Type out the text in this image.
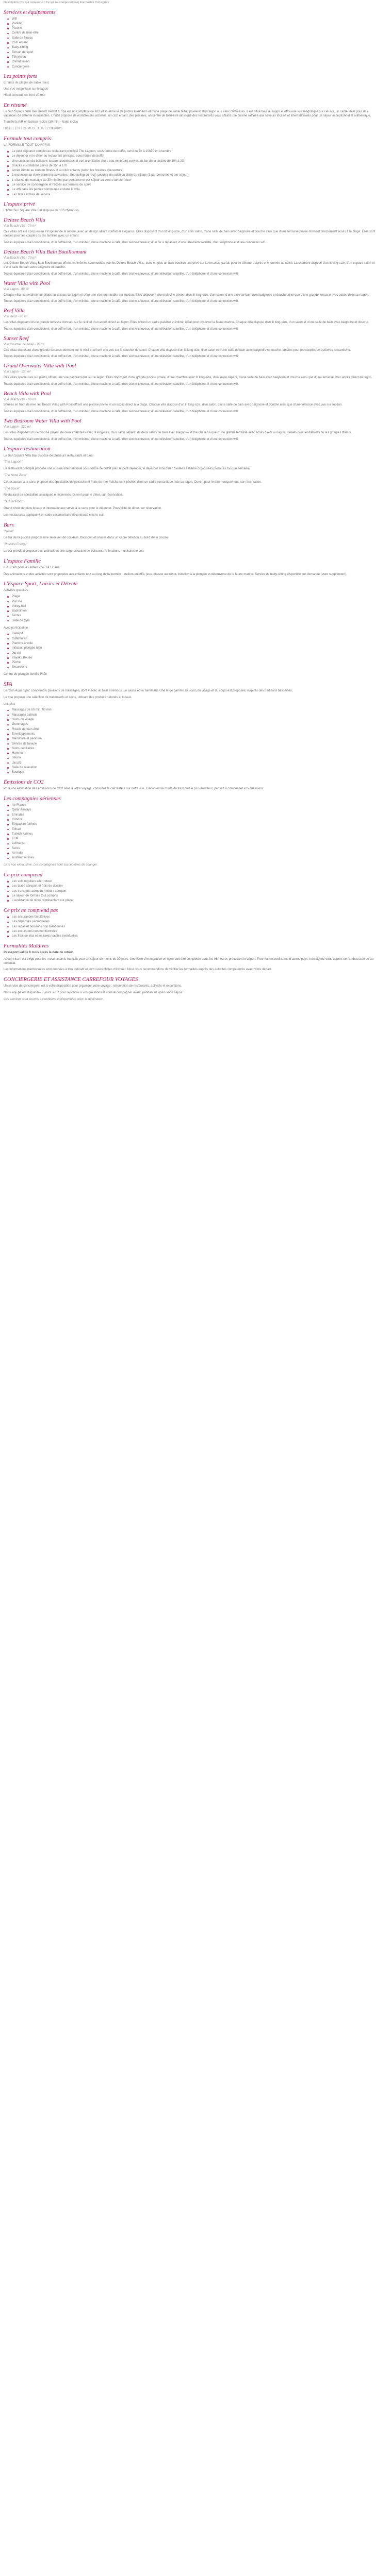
Description (Ce qui comprend / Ce qui ne comprend pas) Formalités Consignes

Services et équipements
Wifi
Parking
Piscine
Centre de bien-être
Salle de fitness
Club enfant
Baby-sitting
Terrain de sport
Télévision
Climatisation
Conciergerie
Les points forts

Enfants de plages de sable blanc

Une vue magnifique sur le lagon

Hôtel construit en front-de-mer

En résumé

Le Sun Square Villa Bali Resort Resort & Spa est un complexe de 103 villas entouré de jardins luxuriants et d'une plage de sable blanc privée et d'un lagon aux eaux cristallines. Il est situé face au lagon et offre une vue magnifique sur celui-ci, un cadre idéal pour des vacances de détente inoubliables. L'hôtel propose de nombreuses activités, un club enfant, des piscines, un centre de bien-être ainsi que des restaurants vous offrant une cuisine raffinée aux saveurs locales et internationales pour un séjour exceptionnel et authentique.

Transferts A/R en bateau rapide (30 min) - trajet inclus

HÔTEL EN FORMULE TOUT COMPRIS

Formule tout compris

LA FORMULE TOUT COMPRIS

Le petit déjeuner complet au restaurant principal The Lagoon, sous forme de buffet, servi de 7h à 10h30 en chambre
Le déjeuner et le dîner au restaurant principal, sous forme de buffet
Une sélection de boissons locales alcoolisées et non alcoolisées (hors eau minérale) servies au bar de la piscine de 10h à 23h
Snacks et collations servis de 15h à 17h
Accès illimité au club de fitness et au club enfants (selon les horaires d'ouverture)
1 excursion au choix parmi les suivantes : Snorkeling au récif, coucher de soleil ou visite du village (1 par personne et par séjour)
1 séance de massage de 30 minutes par personne et par séjour au centre de bien-être
Le service de conciergerie et l'accès aux terrains de sport
Le wifi dans les parties communes et dans la villa
Les taxes et frais de service
L'espace privé

L'hôtel Sun Square Villa Bali dispose de 103 chambres.

Deluxe Beach Villa

Vue Beach Villa - 70 m²

Ces villas ont été conçues en s'inspirant de la nature, avec un design alliant confort et élégance. Elles disposent d'un lit king-size, d'un coin salon, d'une salle de bain avec baignoire et douche ainsi que d'une terrasse privée donnant directement accès à la plage. Elles sont idéales pour les couples ou les familles avec un enfant.

Toutes équipées d'air conditionné, d'un coffre-fort, d'un minibar, d'une machine à café, d'un sèche-cheveux, d'un fer à repasser, d'une télévision satellite, d'un téléphone et d'une connexion wifi.

Deluxe Beach Villa Bain Bouillonnant

Vue Beach Villa - 70 m²

Les Deluxe Beach Villas Bain Bouillonnant offrent les mêmes commodités que les Deluxe Beach Villas, avec en plus un bain bouillonnant privé sur la terrasse, parfait pour se détendre après une journée au soleil. La chambre dispose d'un lit king-size, d'un espace salon et d'une salle de bain avec baignoire et douche.

Toutes équipées d'air conditionné, d'un coffre-fort, d'un minibar, d'une machine à café, d'un sèche-cheveux, d'une télévision satellite, d'un téléphone et d'une connexion wifi.

Water Villa with Pool

Vue Lagon - 90 m²

Chaque villa est perchée sur pilotis au-dessus du lagon et offre une vue imprenable sur l'océan. Elles disposent d'une piscine privée, d'un lit king-size, d'un salon, d'une salle de bain avec baignoire et douche ainsi que d'une grande terrasse avec accès direct au lagon.

Toutes équipées d'air conditionné, d'un coffre-fort, d'un minibar, d'une machine à café, d'un sèche-cheveux, d'une télévision satellite, d'un téléphone et d'une connexion wifi.

Reef Villa

Vue Récif - 70 m²

Les villas disposent d'une grande terrasse donnant sur le récif et d'un accès direct au lagon. Elles offrent un cadre paisible et intime, idéal pour observer la faune marine. Chaque villa dispose d'un lit king-size, d'un salon et d'une salle de bain avec baignoire et douche.

Toutes équipées d'air conditionné, d'un coffre-fort, d'un minibar, d'une machine à café, d'un sèche-cheveux, d'une télévision satellite, d'un téléphone et d'une connexion wifi.

Sunset Reef

Vue Coucher de soleil - 75 m²

Ces villas disposent d'une grande terrasse donnant sur le récif et offrent une vue sur le coucher de soleil. Chaque villa dispose d'un lit king-size, d'un salon et d'une salle de bain avec baignoire et douche. Idéales pour les couples en quête de romantisme.

Toutes équipées d'air conditionné, d'un coffre-fort, d'un minibar, d'une machine à café, d'un sèche-cheveux, d'une télévision satellite, d'un téléphone et d'une connexion wifi.

Grand Overwater Villa with Pool

Vue Lagon - 130 m²

Ces villas spacieuses sur pilotis offrent une vue panoramique sur le lagon. Elles disposent d'une grande piscine privée, d'une chambre avec lit king-size, d'un salon séparé, d'une salle de bain avec baignoire et douche ainsi que d'une terrasse avec accès direct au lagon.

Toutes équipées d'air conditionné, d'un coffre-fort, d'un minibar, d'une machine à café, d'un sèche-cheveux, d'une télévision satellite, d'un téléphone et d'une connexion wifi.

Beach Villa with Pool

Vue Beach Villa - 90 m²

Situées en front de mer, les Beach Villas with Pool offrent une piscine privée et un accès direct à la plage. Chaque villa dispose d'un lit king-size, d'un salon, d'une salle de bain avec baignoire et douche ainsi que d'une terrasse avec vue sur l'océan.

Toutes équipées d'air conditionné, d'un coffre-fort, d'un minibar, d'une machine à café, d'un sèche-cheveux, d'une télévision satellite, d'un téléphone et d'une connexion wifi.

Two Bedroom Water Villa with Pool

Vue Lagon - 220 m²

Les villas disposent d'une piscine privée, de deux chambres avec lit king-size, d'un salon séparé, de deux salles de bain avec baignoire et douche ainsi que d'une grande terrasse avec accès direct au lagon. Idéales pour les familles ou les groupes d'amis.

Toutes équipées d'air conditionné, d'un coffre-fort, d'un minibar, d'une machine à café, d'un sèche-cheveux, d'une télévision satellite, d'un téléphone et d'une connexion wifi.

L'espace restauration

Le Sun Square Villa Bali dispose de plusieurs restaurants et bars.

"The Lagoon"

Le restaurant principal propose une cuisine internationale sous forme de buffet pour le petit déjeuner, le déjeuner et le dîner. Soirées à thème organisées plusieurs fois par semaine.

"The Hotel Zone"

Ce restaurant à la carte propose des spécialités de poissons et fruits de mer fraîchement pêchés dans un cadre romantique face au lagon. Ouvert pour le dîner uniquement, sur réservation.

"The Spice"

Restaurant de spécialités asiatiques et indiennes. Ouvert pour le dîner, sur réservation.

"Sunset Point"

Grand choix de plats locaux et internationaux servis à la carte pour le déjeuner. Possibilité de dîner, sur réservation.

Les restaurants appliquent un code vestimentaire décontracté chic le soir.

Bars

"Naadi"

Le bar de la piscine propose une sélection de cocktails, boissons et snacks dans un cadre détendu au bord de la piscine.

"Positive Energy"

Le bar principal propose des cocktails et une large sélection de boissons. Animations musicales le soir.

L'espace Famille

Kids Club pour les enfants de 3 à 12 ans.

Des animations et des activités sont proposées aux enfants tout au long de la journée : ateliers créatifs, jeux, chasse au trésor, initiation à la plongée et découverte de la faune marine. Service de baby-sitting disponible sur demande (avec supplément).

L'Espace Sport, Loisirs et Détente

Activités gratuites :

Plage
Piscine
Volley-ball
Badminton
Tennis
Salle de gym

Avec participation :

Catalyst
Catamaran
Planche à voile
Initiation plongée bleu
Jet ski
Kayak / Bouée
Pêche
Excursions

Centre de plongée certifié PADI

SPA

Le "Sun Aqua Spa" comprend 6 pavillons de massages, dont 4 avec un bain à remous, un sauna et un hammam. Une large gamme de soins du visage et du corps est proposée, inspirés des traditions balinaises.

Le spa propose une sélection de traitements et soins, utilisant des produits naturels et locaux.

Les plus

Massages de 60 min, 90 min
Massages balinais
Soins du visage
Gommages
Rituels de bien-être
Enveloppements
Manucure et pédicure
Service de beauté
Soins capillaires
Hammam
Sauna
Jacuzzi
Salle de relaxation
Boutique
Émissions de CO2

Pour une estimation des émissions de CO2 liées à votre voyage, consultez le calculateur sur notre site. L'avion est le mode de transport le plus émetteur, pensez à compenser vos émissions.

Les compagnies aériennes
Air France
Qatar Airways
Emirates
Condor
Singapore Airlines
Etihad
Turkish Airlines
KLM
Lufthansa
Swiss
Air India
Austrian Airlines

Liste non exhaustive. Les compagnies sont susceptibles de changer.

Ce prix comprend
Les vols réguliers aller-retour
Les taxes aéroport et frais de dossier
Les transferts aéroport / hôtel / aéroport
Le séjour en formule tout compris
L'assistance de notre représentant sur place
Ce prix ne comprend pas
Les assurances facultatives
Les dépenses personnelles
Les repas et boissons non mentionnés
Les excursions non mentionnées
Les frais de visa et les taxes locales éventuelles
Formalités Maldives

Passeport valide 6 mois après la date de retour.

Aucun visa n'est exigé pour les ressortissants français pour un séjour de moins de 30 jours. Une fiche d'immigration en ligne doit être complétée dans les 96 heures précédant le départ. Pour les ressortissants d'autres pays, renseignez-vous auprès de l'ambassade ou du consulat.

Les informations mentionnées sont données à titre indicatif et sont susceptibles d'évoluer. Nous vous recommandons de vérifier les formalités auprès des autorités compétentes avant votre départ.

CONCIERGERIE ET ASSISTANCE CARREFOUR VOYAGES

Un service de conciergerie est à votre disposition pour organiser votre voyage : réservation de restaurants, activités et excursions.

Notre équipe est disponible 7 jours sur 7 pour répondre à vos questions et vous accompagner avant, pendant et après votre séjour.

Ces services sont soumis à conditions et disponibles selon la destination.
